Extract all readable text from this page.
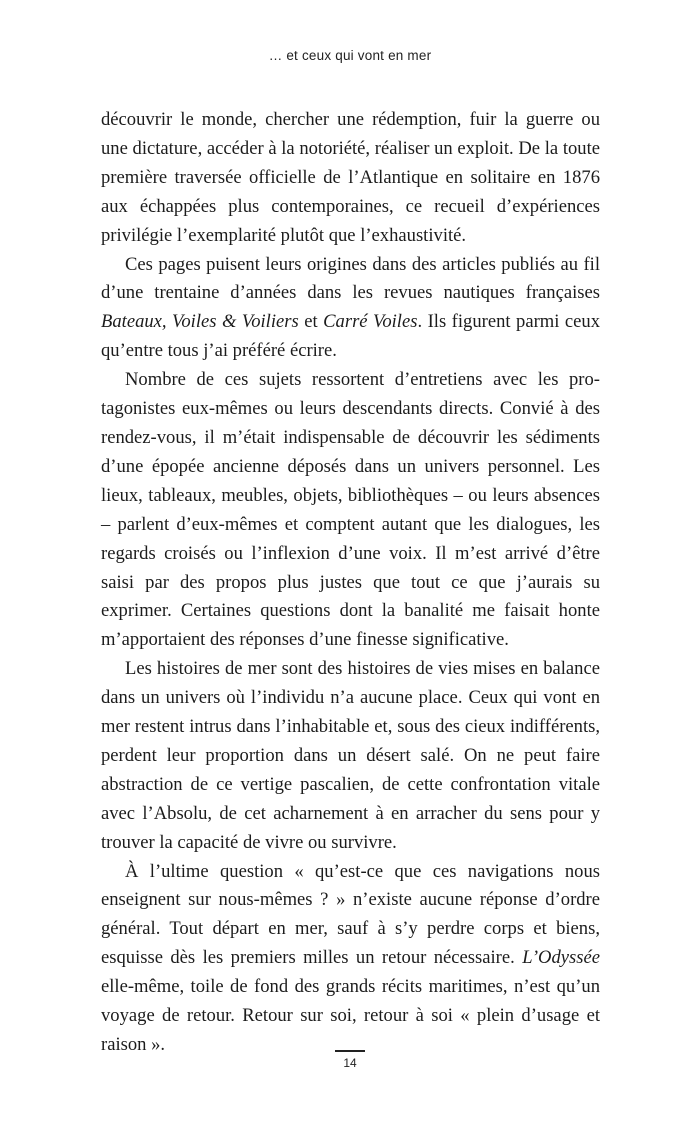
… et ceux qui vont en mer

découvrir le monde, chercher une rédemption, fuir la guerre ou une dictature, accéder à la notoriété, réaliser un exploit. De la toute première traversée officielle de l’Atlantique en solitaire en 1876 aux échappées plus contemporaines, ce recueil d’expériences privilégie l’exemplarité plutôt que l’exhaustivité.

Ces pages puisent leurs origines dans des articles publiés au fil d’une trentaine d’années dans les revues nautiques françaises Bateaux, Voiles & Voiliers et Carré Voiles. Ils figurent parmi ceux qu’entre tous j’ai préféré écrire.

Nombre de ces sujets ressortent d’entretiens avec les protagonistes eux-mêmes ou leurs descendants directs. Convié à des rendez-vous, il m’était indispensable de découvrir les sédiments d’une épopée ancienne déposés dans un univers personnel. Les lieux, tableaux, meubles, objets, bibliothèques – ou leurs absences – parlent d’eux-mêmes et comptent autant que les dialogues, les regards croisés ou l’inflexion d’une voix. Il m’est arrivé d’être saisi par des propos plus justes que tout ce que j’aurais su exprimer. Certaines questions dont la banalité me faisait honte m’apportaient des réponses d’une finesse significative.

Les histoires de mer sont des histoires de vies mises en balance dans un univers où l’individu n’a aucune place. Ceux qui vont en mer restent intrus dans l’inhabitable et, sous des cieux indifférents, perdent leur proportion dans un désert salé. On ne peut faire abstraction de ce vertige pascalien, de cette confrontation vitale avec l’Absolu, de cet acharnement à en arracher du sens pour y trouver la capacité de vivre ou survivre.

À l’ultime question « qu’est-ce que ces navigations nous enseignent sur nous-mêmes ? » n’existe aucune réponse d’ordre général. Tout départ en mer, sauf à s’y perdre corps et biens, esquisse dès les premiers milles un retour nécessaire. L’Odyssée elle-même, toile de fond des grands récits maritimes, n’est qu’un voyage de retour. Retour sur soi, retour à soi « plein d’usage et raison ».

14
